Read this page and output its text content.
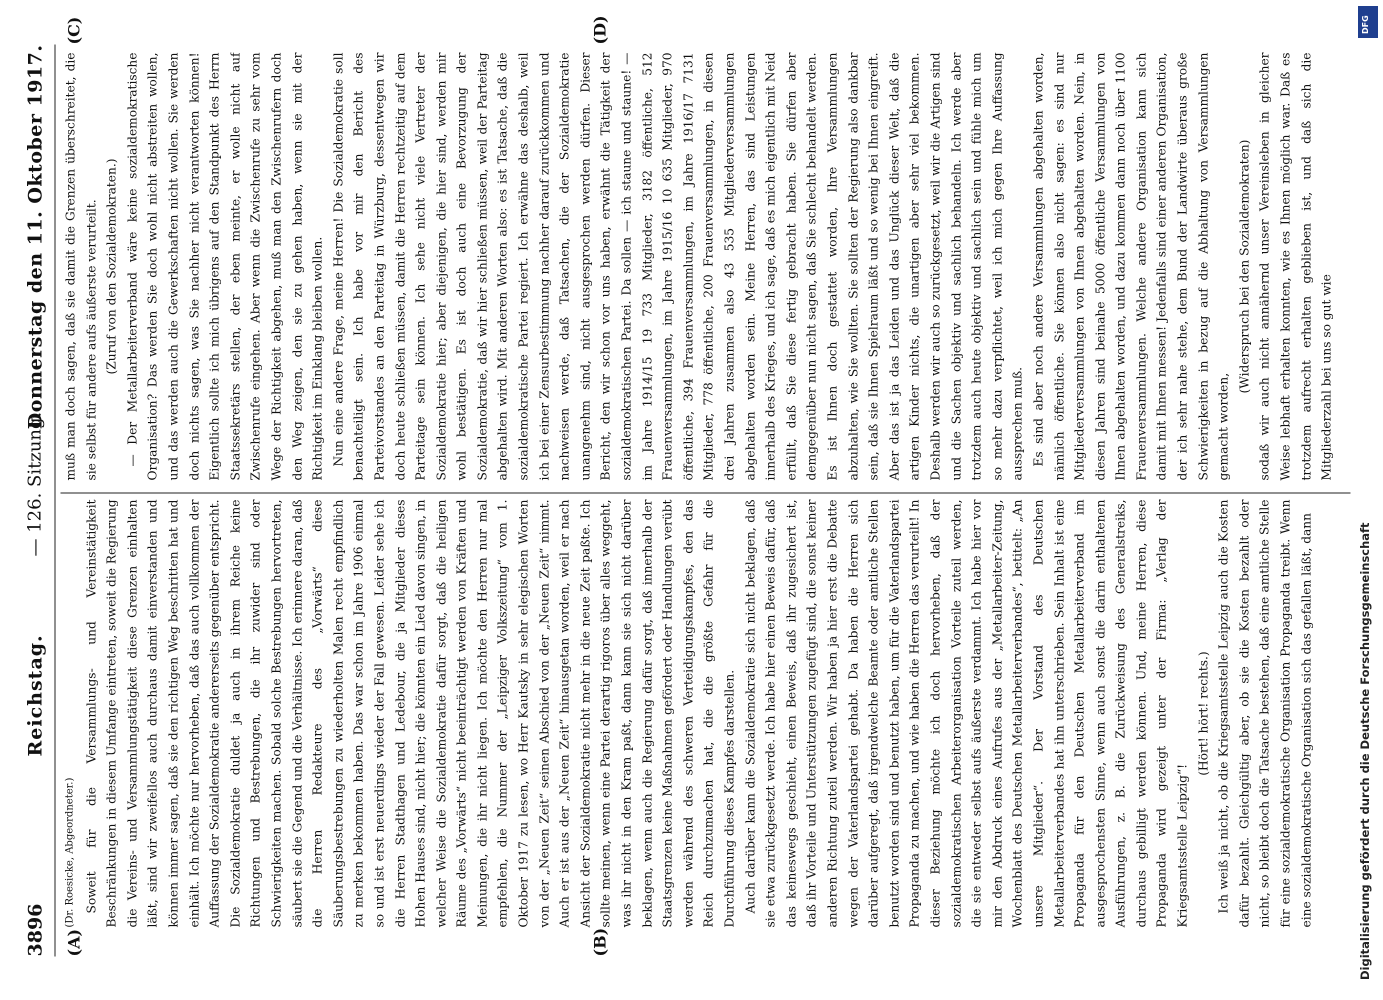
3896
Reichstag.
— 126. Sitzung.
Donnerstag den 11. Oktober 1917.
(A)	(B)
(C)	(D)

(Dr. Roesicke, Abgeordneter.) Soweit für die Versammlungs- und Vereinstätigkeit Beschränkungen in diesem Umfange eintreten, soweit die Regierung die Vereins- und Versammlungstätigkeit diese Grenzen einhalten läßt, sind wir zweifellos auch durchaus damit einverstanden und können immer sagen, daß sie den richtigen Weg beschritten hat und einhält. Ich möchte nur hervorheben, daß das auch vollkommen der Auffassung der Sozialdemokratie andererseits gegenüber entspricht. Die Sozialdemokratie duldet ja auch in ihrem Reiche keine Richtungen und Bestrebungen, die ihr zuwider sind oder Schwierigkeiten machen. Sobald solche Bestrebungen hervortreten, säubert sie die Gegend und die Verhältnisse. Ich erinnere daran, daß die Herren Redakteure des „Vorwärts“ diese Säuberungsbestrebungen zu wiederholten Malen recht empfindlich zu merken bekommen haben. Das war schon im Jahre 1906 einmal so und ist erst neuerdings wieder der Fall gewesen. Leider sehe ich die Herren Stadthagen und Ledebour, die ja Mitglieder dieses Hohen Hauses sind, nicht hier; die könnten ein Lied davon singen, in welcher Weise die Sozialdemokratie dafür sorgt, daß die heiligen Räume des „Vorwärts“ nicht beeinträchtigt werden von Kräften und Meinungen, die ihr nicht liegen. Ich möchte den Herren nur mal empfehlen, die Nummer der „Leipziger Volkszeitung“ vom 1. Oktober 1917 zu lesen, wo Herr Kautsky in sehr elegischen Worten von der „Neuen Zeit“ seinen Abschied von der „Neuen Zeit“ nimmt. Auch er ist aus der „Neuen Zeit“ hinausgetan worden, weil er nach Ansicht der Sozialdemokratie nicht mehr in die neue Zeit paßte. Ich sollte meinen, wenn eine Partei derartig rigoros über alles weggeht, was ihr nicht in den Kram paßt, dann kann sie sich nicht darüber beklagen, wenn auch die Regierung dafür sorgt, daß innerhalb der Staatsgrenzen keine Maßnahmen gefördert oder Handlungen verübt werden während des schweren Verteidigungskampfes, den das Reich durchzumachen hat, die die größte Gefahr für die Durchführung dieses Kampfes darstellen. Auch darüber kann die Sozialdemokratie sich nicht beklagen, daß sie etwa zurückgesetzt werde. Ich habe hier einen Beweis dafür, daß das keineswegs geschieht, einen Beweis, daß ihr zugesichert ist, daß ihr Vorteile und Unterstützungen zugefügt sind, die sonst keiner anderen Richtung zuteil werden. Wir haben ja hier erst die Debatte wegen der Vaterlandspartei gehabt. Da haben die Herren sich darüber aufgeregt, daß irgendwelche Beamte oder amtliche Stellen benutzt worden sind und benutzt haben, um für die Vaterlandspartei Propaganda zu machen, und wie haben die Herren das verurteilt! In dieser Beziehung möchte ich doch hervorheben, daß der sozialdemokratischen Arbeiterorganisation Vorteile zuteil werden, die sie entweder selbst aufs äußerste verdammt. Ich habe hier vor mir den Abdruck eines Aufrufes aus der „Metallarbeiter-Zeitung, Wochenblatt des Deutschen Metallarbeiterverbandes“, betitelt: „An unsere Mitglieder“. Der Vorstand des Deutschen Metallarbeiterverbandes hat ihn unterschrieben. Sein Inhalt ist eine Propaganda für den Deutschen Metallarbeiterverband im ausgesprochensten Sinne, wenn auch sonst die darin enthaltenen Ausführungen, z. B. die Zurückweisung des Generalstreiks, durchaus gebilligt werden können. Und, meine Herren, diese Propaganda wird gezeigt unter der Firma: „Verlag der Kriegsamtsstelle Leipzig“!

(Hört! hört! rechts.) Ich weiß ja nicht, ob die Kriegsamtsstelle Leipzig auch die Kosten dafür bezahlt. Gleichgültig aber, ob sie die Kosten bezahlt oder nicht, so bleibt doch die Tatsache bestehen, daß eine amtliche Stelle für eine sozialdemokratische Organisation Propaganda treibt. Wenn eine sozialdemokratische Organisation sich das gefallen läßt, dann

muß man doch sagen, daß sie damit die Grenzen überschreitet, die sie selbst für andere aufs äußerste verurteilt. (Zuruf von den Sozialdemokraten.) — Der Metallarbeiterverband wäre keine sozialdemokratische Organisation? Das werden Sie doch wohl nicht abstreiten wollen, und das werden auch die Gewerkschaften nicht wollen. Sie werden doch nichts sagen, was Sie nachher nicht verantworten können! Eigentlich sollte ich mich übrigens auf den Standpunkt des Herrn Staatssekretärs stellen, der eben meinte, er wolle nicht auf Zwischenrufe eingehen. Aber wenn die Zwischenrufe zu sehr vom Wege der Richtigkeit abgehen, muß man den Zwischenrufern doch den Weg zeigen, den sie zu gehen haben, wenn sie mit der Richtigkeit im Einklang bleiben wollen. Nun eine andere Frage, meine Herren! Die Sozialdemokratie soll benachteiligt sein. Ich habe vor mir den Bericht des Parteivorstandes an den Parteitag in Würzburg, dessentwegen wir doch heute schließen müssen, damit die Herren rechtzeitig auf dem Parteitage sein können. Ich sehe nicht viele Vertreter der Sozialdemokratie hier; aber diejenigen, die hier sind, werden mir wohl bestätigen. Es ist doch auch eine Bevorzugung der Sozialdemokratie, daß wir hier schließen müssen, weil der Parteitag abgehalten wird. Mit anderen Worten also: es ist Tatsache, daß die sozialdemokratische Partei regiert. Ich erwähne das deshalb, weil ich bei einer Zensurbestimmung nachher darauf zurückkommen und nachweisen werde, daß Tatsachen, die der Sozialdemokratie unangenehm sind, nicht ausgesprochen werden dürfen. Dieser Bericht, den wir schon vor uns haben, erwähnt die Tätigkeit der sozialdemokratischen Partei. Da sollen — ich staune und staune! — im Jahre 1914/15 19 733 Mitglieder, 3182 öffentliche, 512 Frauenversammlungen, im Jahre 1915/16 10 635 Mitglieder, 970 öffentliche, 394 Frauenversammlungen, im Jahre 1916/17 7131 Mitglieder, 778 öffentliche, 200 Frauenversammlungen, in diesen drei Jahren zusammen also 43 535 Mitgliederversammlungen abgehalten worden sein. Meine Herren, das sind Leistungen innerhalb des Krieges, und ich sage, daß es mich eigentlich mit Neid erfüllt, daß Sie diese fertig gebracht haben. Sie dürfen aber demgegenüber nun nicht sagen, daß Sie schlecht behandelt werden. Es ist Ihnen doch gestattet worden, Ihre Versammlungen abzuhalten, wie Sie wollten. Sie sollten der Regierung also dankbar sein, daß sie Ihnen Spielraum läßt und so wenig bei Ihnen eingreift. Aber das ist ja das Leiden und das Unglück dieser Welt, daß die artigen Kinder nichts, die unartigen aber sehr viel bekommen. Deshalb werden wir auch so zurückgesetzt, weil wir die Artigen sind und die Sachen objektiv und sachlich behandeln. Ich werde aber trotzdem auch heute objektiv und sachlich sein und fühle mich um so mehr dazu verpflichtet, weil ich mich gegen Ihre Auffassung aussprechen muß. Es sind aber noch andere Versammlungen abgehalten worden, nämlich öffentliche. Sie können also nicht sagen: es sind nur Mitgliederversammlungen von Ihnen abgehalten worden. Nein, in diesen Jahren sind beinahe 5000 öffentliche Versammlungen von Ihnen abgehalten worden, und dazu kommen dann noch über 1100 Frauenversammlungen. Welche andere Organisation kann sich damit mit Ihnen messen! Jedenfalls sind einer anderen Organisation, der ich sehr nahe stehe, dem Bund der Landwirte überaus große Schwierigkeiten in bezug auf die Abhaltung von Versammlungen gemacht worden,

(Widerspruch bei den Sozialdemokraten) sodaß wir auch nicht annähernd unser Vereinsleben in gleicher Weise lebhaft erhalten konnten, wie es Ihnen möglich war. Daß es trotzdem aufrecht erhalten geblieben ist, und daß sich die Mitgliederzahl bei uns so gut wie

DFG
Digitalisierung gefördert durch die Deutsche Forschungsgemeinschaft
